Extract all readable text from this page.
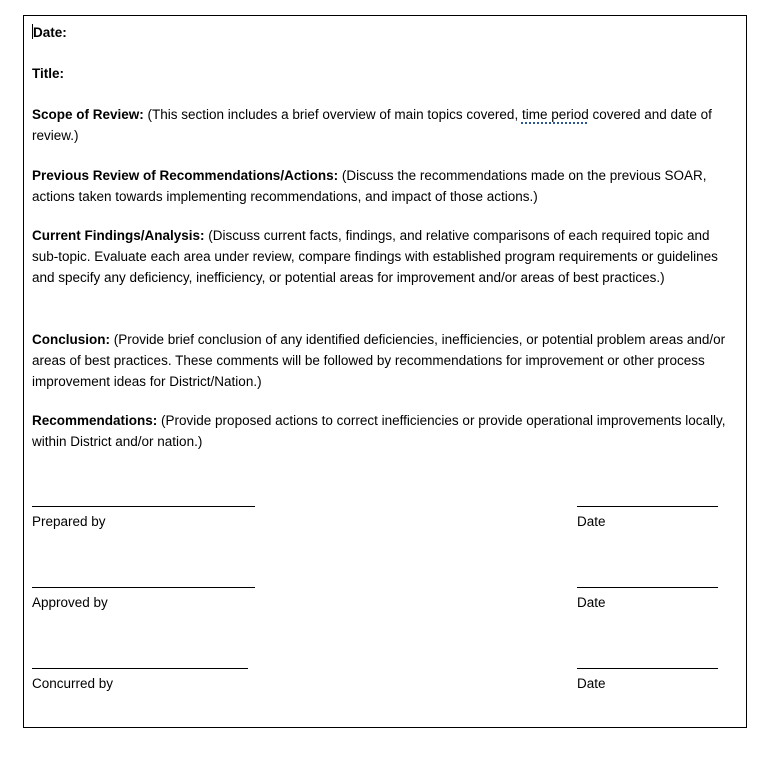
Date:
Title:
Scope of Review: (This section includes a brief overview of main topics covered, time period covered and date of review.)
Previous Review of Recommendations/Actions: (Discuss the recommendations made on the previous SOAR, actions taken towards implementing recommendations, and impact of those actions.)
Current Findings/Analysis: (Discuss current facts, findings, and relative comparisons of each required topic and sub-topic. Evaluate each area under review, compare findings with established program requirements or guidelines and specify any deficiency, inefficiency, or potential areas for improvement and/or areas of best practices.)
Conclusion: (Provide brief conclusion of any identified deficiencies, inefficiencies, or potential problem areas and/or areas of best practices. These comments will be followed by recommendations for improvement or other process improvement ideas for District/Nation.)
Recommendations: (Provide proposed actions to correct inefficiencies or provide operational improvements locally, within District and/or nation.)
Prepared by	Date
Approved by	Date
Concurred by	Date
